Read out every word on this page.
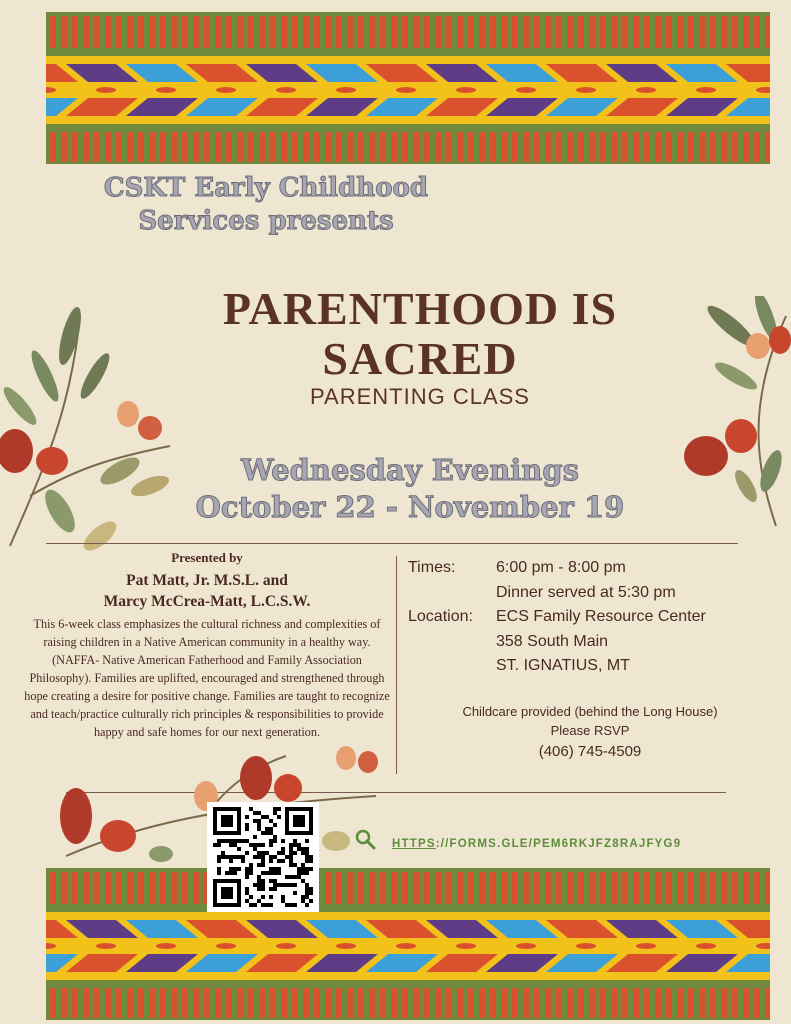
CSKT Early Childhood
Services presents
PARENTHOOD IS
SACRED
PARENTING CLASS
Wednesday Evenings
October 22 - November 19
Presented by
Pat Matt, Jr. M.S.L. and
Marcy McCrea-Matt, L.C.S.W.
This 6-week class emphasizes the cultural richness and complexities of raising children in a Native American community in a healthy way. (NAFFA- Native American Fatherhood and Family Association Philosophy). Families are uplifted, encouraged and strengthened through hope creating a desire for positive change. Families are taught to recognize and teach/practice culturally rich principles & responsibilities to provide happy and safe homes for our next generation.
Times:	6:00 pm - 8:00 pm
Dinner served at 5:30 pm
Location:	ECS Family Resource Center
358 South Main
ST. IGNATIUS, MT
Childcare provided (behind the Long House)
Please RSVP
(406) 745-4509
HTTPS://FORMS.GLE/PEM6RKJFZ8RAJFYG9
